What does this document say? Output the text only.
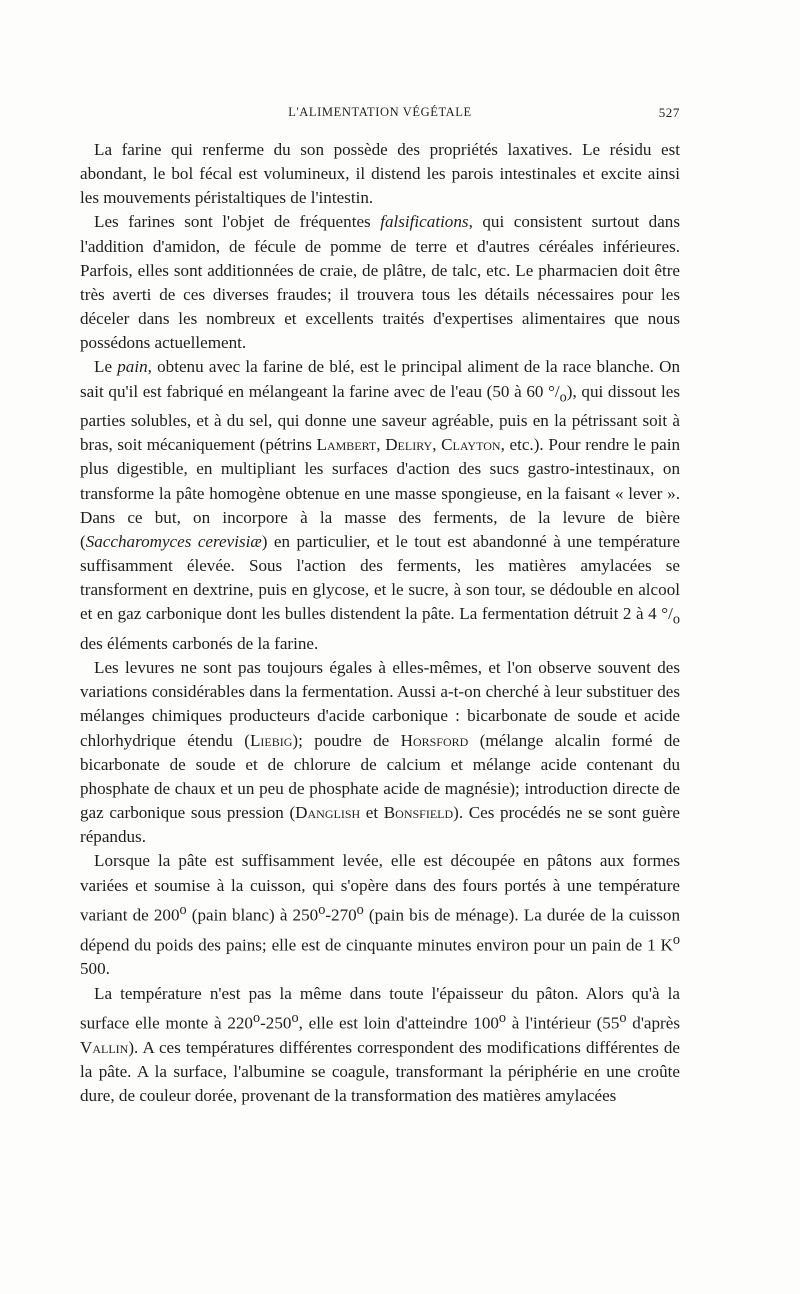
L'ALIMENTATION VÉGÉTALE	527

La farine qui renferme du son possède des propriétés laxatives. Le résidu est abondant, le bol fécal est volumineux, il distend les parois intestinales et excite ainsi les mouvements péristaltiques de l'intestin.

Les farines sont l'objet de fréquentes falsifications, qui consistent surtout dans l'addition d'amidon, de fécule de pomme de terre et d'autres céréales inférieures. Parfois, elles sont additionnées de craie, de plâtre, de talc, etc. Le pharmacien doit être très averti de ces diverses fraudes; il trouvera tous les détails nécessaires pour les déceler dans les nombreux et excellents traités d'expertises alimentaires que nous possédons actuellement.

Le pain, obtenu avec la farine de blé, est le principal aliment de la race blanche. On sait qu'il est fabriqué en mélangeant la farine avec de l'eau (50 à 60 $^\circ/_o$), qui dissout les parties solubles, et à du sel, qui donne une saveur agréable, puis en la pétrissant soit à bras, soit mécaniquement (pétrins Lambert, Deliry, Clayton, etc.). Pour rendre le pain plus digestible, en multipliant les surfaces d'action des sucs gastro-intestinaux, on transforme la pâte homogène obtenue en une masse spongieuse, en la faisant « lever ». Dans ce but, on incorpore à la masse des ferments, de la levure de bière (Saccharomyces cerevisiæ) en particulier, et le tout est abandonné à une température suffisamment élevée. Sous l'action des ferments, les matières amylacées se transforment en dextrine, puis en glycose, et le sucre, à son tour, se dédouble en alcool et en gaz carbonique dont les bulles distendent la pâte. La fermentation détruit 2 à 4 $^\circ/_o$ des éléments carbonés de la farine.

Les levures ne sont pas toujours égales à elles-mêmes, et l'on observe souvent des variations considérables dans la fermentation. Aussi a-t-on cherché à leur substituer des mélanges chimiques producteurs d'acide carbonique : bicarbonate de soude et acide chlorhydrique étendu (Liebig); poudre de Horsford (mélange alcalin formé de bicarbonate de soude et de chlorure de calcium et mélange acide contenant du phosphate de chaux et un peu de phosphate acide de magnésie); introduction directe de gaz carbonique sous pression (Danglish et Bonsfield). Ces procédés ne se sont guère répandus.

Lorsque la pâte est suffisamment levée, elle est découpée en pâtons aux formes variées et soumise à la cuisson, qui s'opère dans des fours portés à une température variant de 200$^o$ (pain blanc) à 250$^o$-270$^o$ (pain bis de ménage). La durée de la cuisson dépend du poids des pains; elle est de cinquante minutes environ pour un pain de 1 $K^o$ 500.

La température n'est pas la même dans toute l'épaisseur du pâton. Alors qu'à la surface elle monte à 220$^o$-250$^o$, elle est loin d'atteindre 100$^o$ à l'intérieur (55$^o$ d'après Vallin). A ces températures différentes correspondent des modifications différentes de la pâte. A la surface, l'albumine se coagule, transformant la périphérie en une croûte dure, de couleur dorée, provenant de la transformation des matières amylacées
